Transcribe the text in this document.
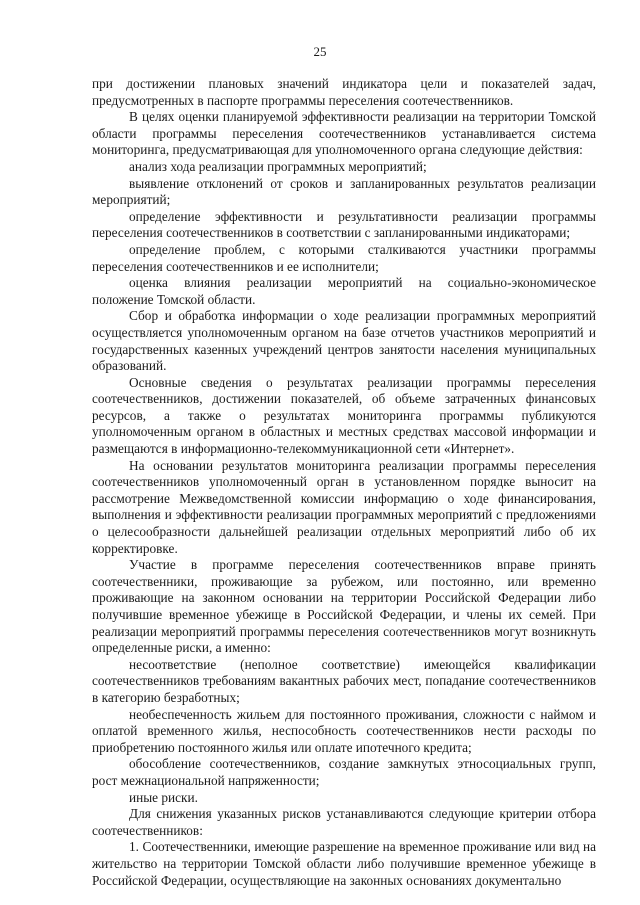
25

при достижении плановых значений индикатора цели и показателей задач, предусмотренных в паспорте программы переселения соотечественников.

В целях оценки планируемой эффективности реализации на территории Томской области программы переселения соотечественников устанавливается система мониторинга, предусматривающая для уполномоченного органа следующие действия:

анализ хода реализации программных мероприятий;

выявление отклонений от сроков и запланированных результатов реализации мероприятий;

определение эффективности и результативности реализации программы переселения соотечественников в соответствии с запланированными индикаторами;

определение проблем, с которыми сталкиваются участники программы переселения соотечественников и ее исполнители;

оценка влияния реализации мероприятий на социально-экономическое положение Томской области.

Сбор и обработка информации о ходе реализации программных мероприятий осуществляется уполномоченным органом на базе отчетов участников мероприятий и государственных казенных учреждений центров занятости населения муниципальных образований.

Основные сведения о результатах реализации программы переселения соотечественников, достижении показателей, об объеме затраченных финансовых ресурсов, а также о результатах мониторинга программы публикуются уполномоченным органом в областных и местных средствах массовой информации и размещаются в информационно-телекоммуникационной сети «Интернет».

На основании результатов мониторинга реализации программы переселения соотечественников уполномоченный орган в установленном порядке выносит на рассмотрение Межведомственной комиссии информацию о ходе финансирования, выполнения и эффективности реализации программных мероприятий с предложениями о целесообразности дальнейшей реализации отдельных мероприятий либо об их корректировке.

Участие в программе переселения соотечественников вправе принять соотечественники, проживающие за рубежом, или постоянно, или временно проживающие на законном основании на территории Российской Федерации либо получившие временное убежище в Российской Федерации, и члены их семей. При реализации мероприятий программы переселения соотечественников могут возникнуть определенные риски, а именно:

несоответствие (неполное соответствие) имеющейся квалификации соотечественников требованиям вакантных рабочих мест, попадание соотечественников в категорию безработных;

необеспеченность жильем для постоянного проживания, сложности с наймом и оплатой временного жилья, неспособность соотечественников нести расходы по приобретению постоянного жилья или оплате ипотечного кредита;

обособление соотечественников, создание замкнутых этносоциальных групп, рост межнациональной напряженности;

иные риски.

Для снижения указанных рисков устанавливаются следующие критерии отбора соотечественников:

1. Соотечественники, имеющие разрешение на временное проживание или вид на жительство на территории Томской области либо получившие временное убежище в Российской Федерации, осуществляющие на законных основаниях документально
